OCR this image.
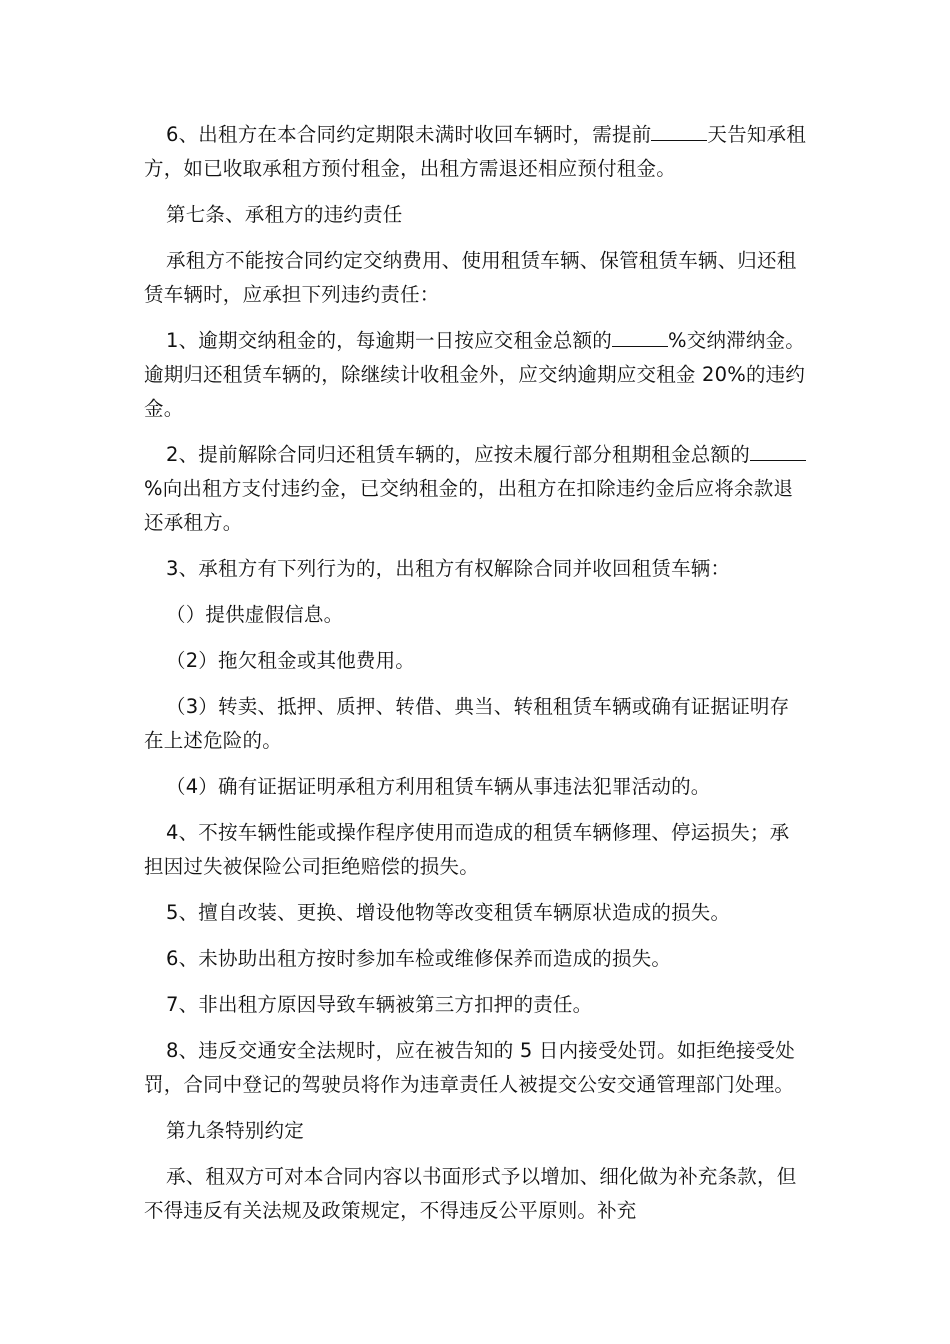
6、出租方在本合同约定期限未满时收回车辆时，需提前	天告知承租方，如已收取承租方预付租金，出租方需退还相应预付租金。

第七条、承租方的违约责任

承租方不能按合同约定交纳费用、使用租赁车辆、保管租赁车辆、归还租赁车辆时，应承担下列违约责任：

1、逾期交纳租金的，每逾期一日按应交租金总额的	%交纳滞纳金。逾期归还租赁车辆的，除继续计收租金外，应交纳逾期应交租金 20%的违约金。

2、提前解除合同归还租赁车辆的，应按未履行部分租期租金总额的%向出租方支付违约金，已交纳租金的，出租方在扣除违约金后应将余款退还承租方。

3、承租方有下列行为的，出租方有权解除合同并收回租赁车辆：

（）提供虚假信息。

（2）拖欠租金或其他费用。

（3）转卖、抵押、质押、转借、典当、转租租赁车辆或确有证据证明存在上述危险的。

（4）确有证据证明承租方利用租赁车辆从事违法犯罪活动的。

4、不按车辆性能或操作程序使用而造成的租赁车辆修理、停运损失；承担因过失被保险公司拒绝赔偿的损失。

5、擅自改装、更换、增设他物等改变租赁车辆原状造成的损失。

6、未协助出租方按时参加车检或维修保养而造成的损失。

7、非出租方原因导致车辆被第三方扣押的责任。

8、违反交通安全法规时，应在被告知的 5 日内接受处罚。如拒绝接受处罚，合同中登记的驾驶员将作为违章责任人被提交公安交通管理部门处理。

第九条特别约定

承、租双方可对本合同内容以书面形式予以增加、细化做为补充条款，但不得违反有关法规及政策规定，不得违反公平原则。补充
